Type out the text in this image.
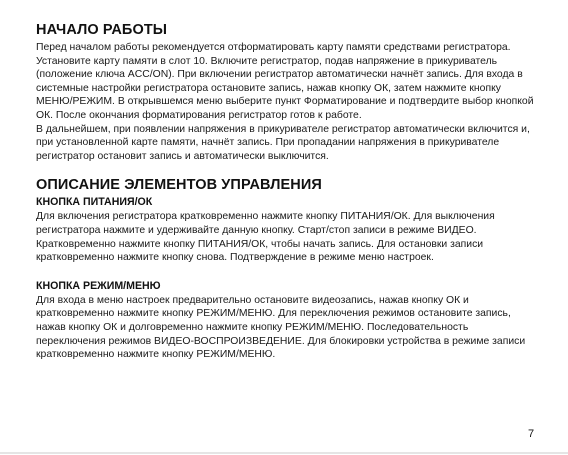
НАЧАЛО РАБОТЫ

Перед началом работы рекомендуется отформатировать карту памяти средствами регистратора. Установите карту памяти в слот 10. Включите регистратор, подав напряжение в прикуриватель (положение ключа ACC/ON). При включении регистратор автоматически начнёт запись. Для входа в системные настройки регистратора остановите запись, нажав кнопку ОК, затем нажмите кнопку МЕНЮ/РЕЖИМ. В открывшемся меню выберите пункт Форматирование и подтвердите выбор кнопкой ОК. После окончания форматирования регистратор готов к работе.

В дальнейшем, при появлении напряжения в прикуривателе регистратор автоматически включится и, при установленной карте памяти, начнёт запись. При пропадании напряжения в прикуривателе регистратор остановит запись и автоматически выключится.

ОПИСАНИЕ ЭЛЕМЕНТОВ УПРАВЛЕНИЯ
КНОПКА ПИТАНИЯ/ОК

Для включения регистратора кратковременно нажмите кнопку ПИТАНИЯ/ОК. Для выключения регистратора нажмите и удерживайте данную кнопку. Старт/стоп записи в режиме ВИДЕО. Кратковременно нажмите кнопку ПИТАНИЯ/ОК, чтобы начать запись. Для остановки записи кратковременно нажмите кнопку снова. Подтверждение в режиме меню настроек.

КНОПКА РЕЖИМ/МЕНЮ

Для входа в меню настроек предварительно остановите видеозапись, нажав кнопку ОК и кратковременно нажмите кнопку РЕЖИМ/МЕНЮ. Для переключения режимов остановите запись, нажав кнопку ОК и долговременно нажмите кнопку РЕЖИМ/МЕНЮ. Последовательность переключения режимов ВИДЕО-ВОСПРОИЗВЕДЕНИЕ. Для блокировки устройства в режиме записи кратковременно нажмите кнопку РЕЖИМ/МЕНЮ.

7
